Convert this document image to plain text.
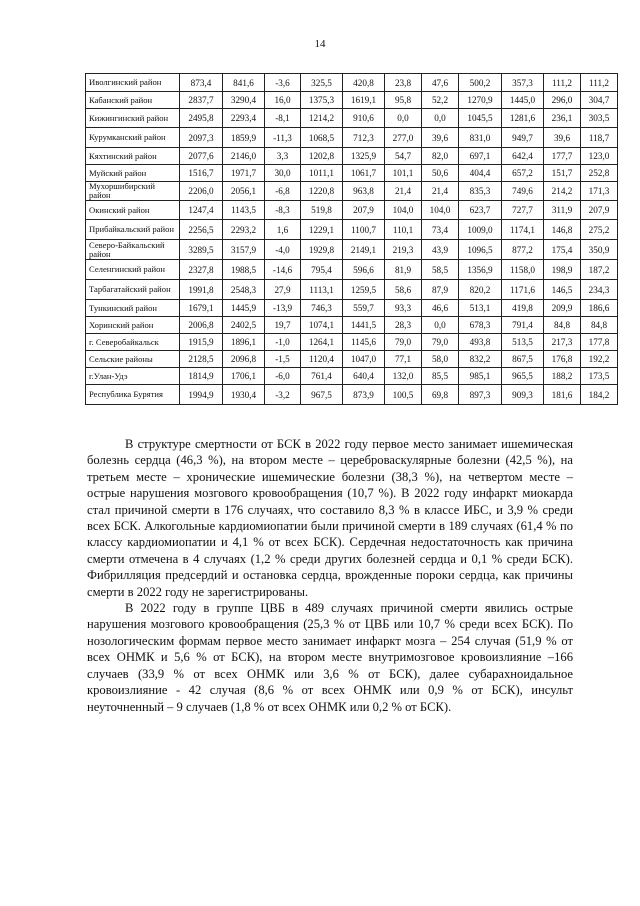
14
Иволгинский район	873,4	841,6	-3,6	325,5	420,8	23,8	47,6	500,2	357,3	111,2	111,2
Кабанский район	2837,7	3290,4	16,0	1375,3	1619,1	95,8	52,2	1270,9	1445,0	296,0	304,7
Кижингинский район	2495,8	2293,4	-8,1	1214,2	910,6	0,0	0,0	1045,5	1281,6	236,1	303,5
Курумканский район	2097,3	1859,9	-11,3	1068,5	712,3	277,0	39,6	831,0	949,7	39,6	118,7
Кяхтинский район	2077,6	2146,0	3,3	1202,8	1325,9	54,7	82,0	697,1	642,4	177,7	123,0
Муйский район	1516,7	1971,7	30,0	1011,1	1061,7	101,1	50,6	404,4	657,2	151,7	252,8
Мухоршибирский район	2206,0	2056,1	-6,8	1220,8	963,8	21,4	21,4	835,3	749,6	214,2	171,3
Окинский район	1247,4	1143,5	-8,3	519,8	207,9	104,0	104,0	623,7	727,7	311,9	207,9
Прибайкальский район	2256,5	2293,2	1,6	1229,1	1100,7	110,1	73,4	1009,0	1174,1	146,8	275,2
Северо-Байкальский район	3289,5	3157,9	-4,0	1929,8	2149,1	219,3	43,9	1096,5	877,2	175,4	350,9
Селенгинский район	2327,8	1988,5	-14,6	795,4	596,6	81,9	58,5	1356,9	1158,0	198,9	187,2
Тарбагатайский район	1991,8	2548,3	27,9	1113,1	1259,5	58,6	87,9	820,2	1171,6	146,5	234,3
Тункинский район	1679,1	1445,9	-13,9	746,3	559,7	93,3	46,6	513,1	419,8	209,9	186,6
Хоринский район	2006,8	2402,5	19,7	1074,1	1441,5	28,3	0,0	678,3	791,4	84,8	84,8
г. Северобайкальск	1915,9	1896,1	-1,0	1264,1	1145,6	79,0	79,0	493,8	513,5	217,3	177,8
Сельские районы	2128,5	2096,8	-1,5	1120,4	1047,0	77,1	58,0	832,2	867,5	176,8	192,2
г.Улан-Удэ	1814,9	1706,1	-6,0	761,4	640,4	132,0	85,5	985,1	965,5	188,2	173,5
Республика Бурятия	1994,9	1930,4	-3,2	967,5	873,9	100,5	69,8	897,3	909,3	181,6	184,2

В структуре смертности от БСК в 2022 году первое место занимает ишемическая болезнь сердца (46,3 %), на втором месте – цереброваскулярные болезни (42,5 %), на третьем месте – хронические ишемические болезни (38,3 %), на четвертом месте – острые нарушения мозгового кровообращения (10,7 %). В 2022 году инфаркт миокарда стал причиной смерти в 176 случаях, что составило 8,3 % в классе ИБС, и 3,9 % среди всех БСК. Алкогольные кардиомиопатии были причиной смерти в 189 случаях (61,4 % по классу кардиомиопатии и 4,1 % от всех БСК). Сердечная недостаточность как причина смерти отмечена в 4 случаях (1,2 % среди других болезней сердца и 0,1 % среди БСК). Фибрилляция предсердий и остановка сердца, врожденные пороки сердца, как причины смерти в 2022 году не зарегистрированы.

В 2022 году в группе ЦВБ в 489 случаях причиной смерти явились острые нарушения мозгового кровообращения (25,3 % от ЦВБ или 10,7 % среди всех БСК). По нозологическим формам первое место занимает инфаркт мозга – 254 случая (51,9 % от всех ОНМК и 5,6 % от БСК), на втором месте внутримозговое кровоизлияние –166 случаев (33,9 % от всех ОНМК или 3,6 % от БСК), далее субарахноидальное кровоизлияние - 42 случая (8,6 % от всех ОНМК или 0,9 % от БСК), инсульт неуточненный – 9 случаев (1,8 % от всех ОНМК или 0,2 % от БСК).
